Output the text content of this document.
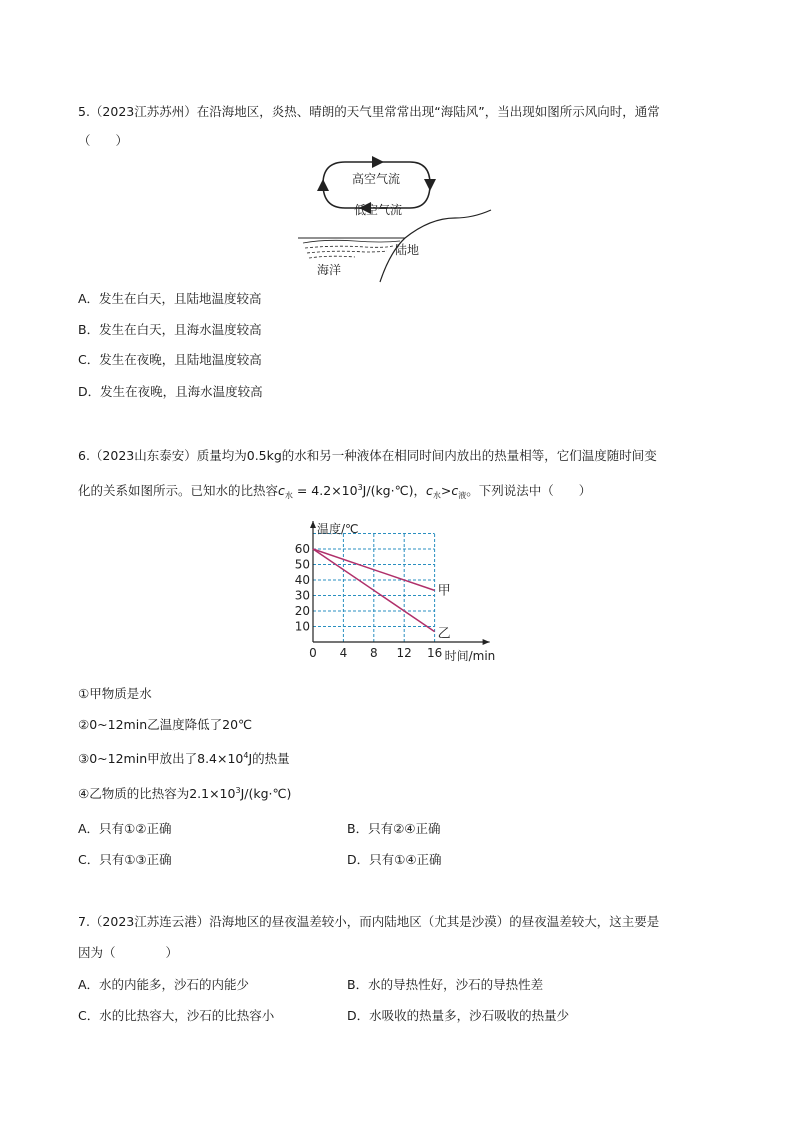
5.（2023江苏苏州）在沿海地区，炎热、晴朗的天气里常常出现“海陆风”，当出现如图所示风向时，通常
（　　）
高空气流
低空气流
陆地
海洋
A．发生在白天，且陆地温度较高
B．发生在白天，且海水温度较高
C．发生在夜晚，且陆地温度较高
D．发生在夜晚，且海水温度较高
6.（2023山东泰安）质量均为0.5kg的水和另一种液体在相同时间内放出的热量相等，它们温度随时间变
化的关系如图所示。已知水的比热容$c_水$ = $4.2\times 10^3J/(kg\cdot℃)$，$c_水>c_液$。下列说法中（　　）
0 4 8 12 16
10
20
30
40
50
60
温度/℃
时间/min
甲
乙
①甲物质是水
②0~12min乙温度降低了20℃
③0~12min甲放出了$8.4\times 10^4J$的热量
④乙物质的比热容为$2.1\times 10^3J/(kg\cdot℃)$
A．只有①②正确	B．只有②④正确
C．只有①③正确	D．只有①④正确
7.（2023江苏连云港）沿海地区的昼夜温差较小，而内陆地区（尤其是沙漠）的昼夜温差较大，这主要是
因为（　　　　）
A．水的内能多，沙石的内能少	B．水的导热性好，沙石的导热性差
C．水的比热容大，沙石的比热容小	D．水吸收的热量多，沙石吸收的热量少
